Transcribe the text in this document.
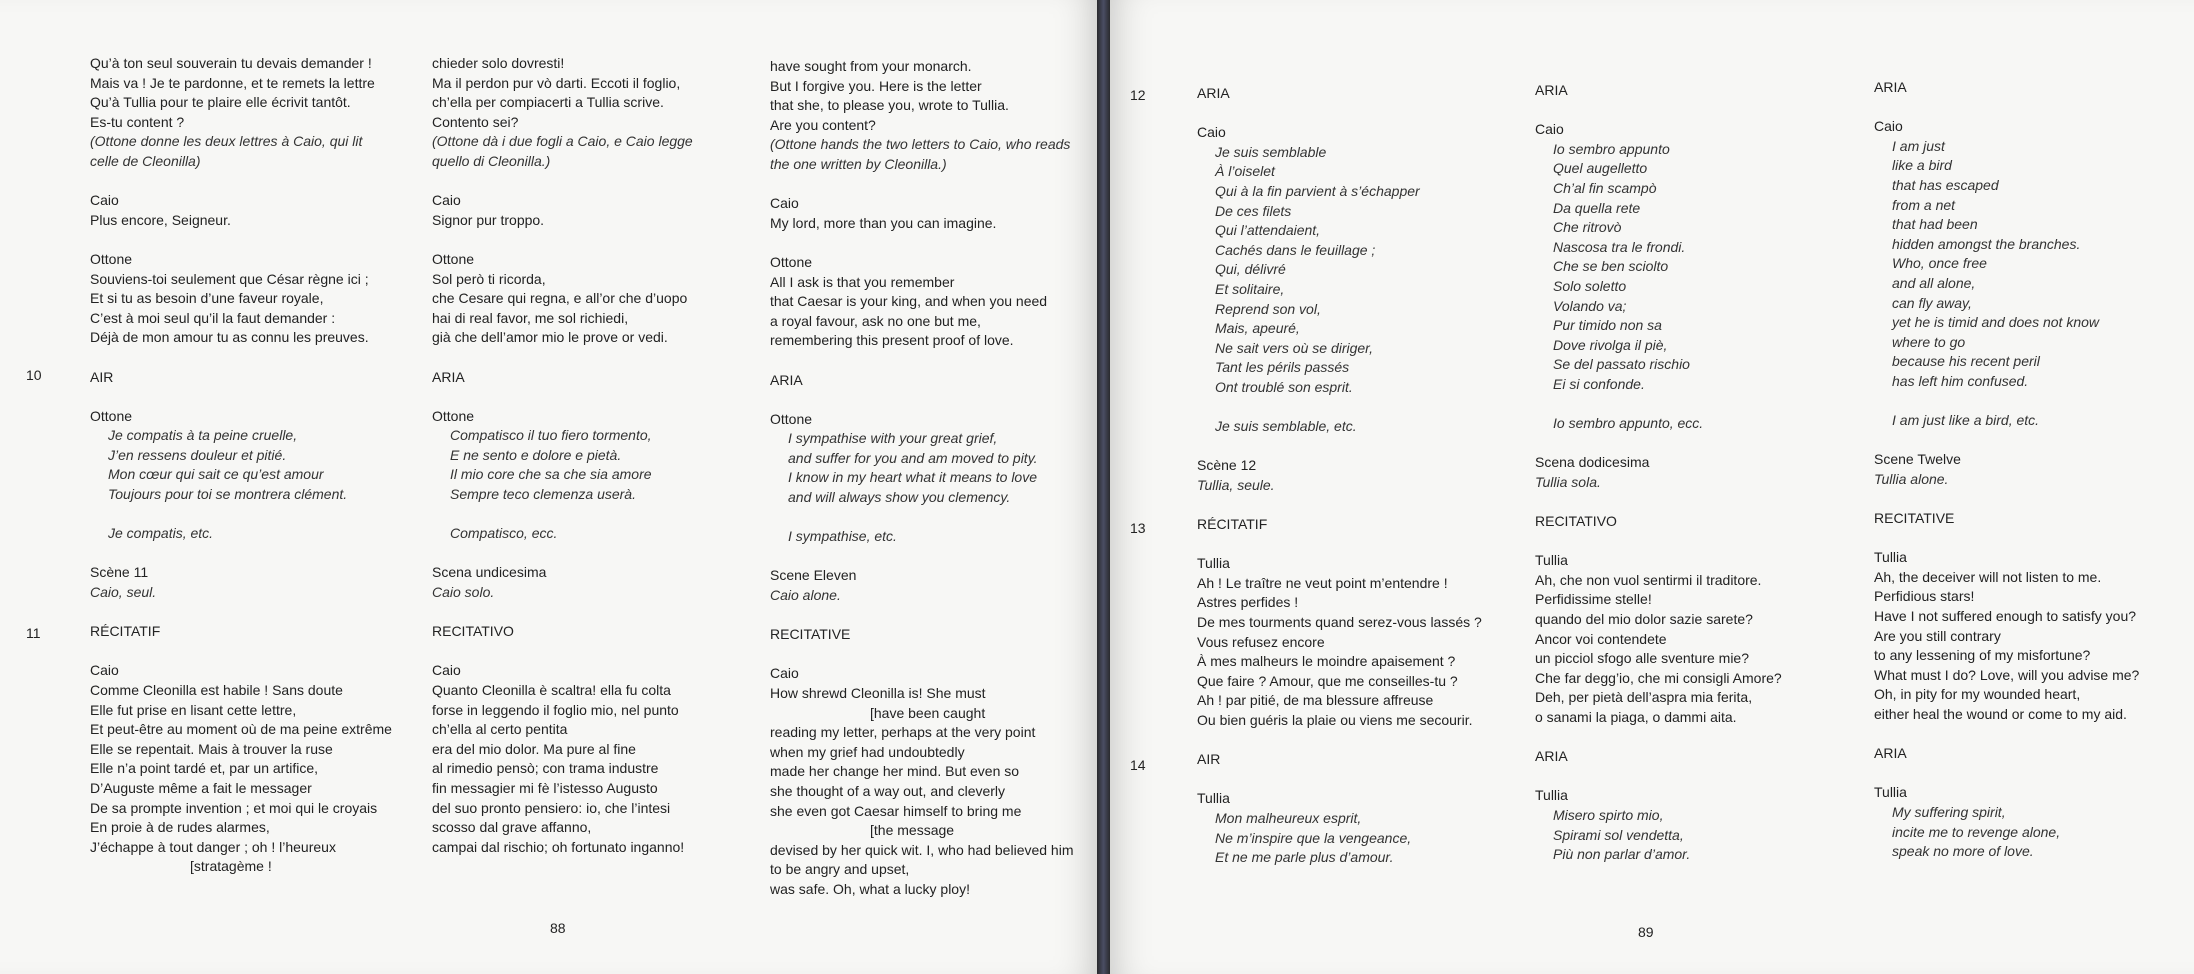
Qu’à ton seul souverain tu devais demander !
Mais va ! Je te pardonne, et te remets la lettre
Qu’à Tullia pour te plaire elle écrivit tantôt.
Es-tu content ?
(Ottone donne les deux lettres à Caio, qui lit
celle de Cleonilla)
Caio
Plus encore, Seigneur.
Ottone
Souviens-toi seulement que César règne ici ;
Et si tu as besoin d’une faveur royale,
C’est à moi seul qu’il la faut demander :
Déjà de mon amour tu as connu les preuves.
AIR
Ottone
Je compatis à ta peine cruelle,
J’en ressens douleur et pitié.
Mon cœur qui sait ce qu’est amour
Toujours pour toi se montrera clément.
Je compatis, etc.
Scène 11
Caio, seul.
RÉCITATIF
Caio
Comme Cleonilla est habile ! Sans doute
Elle fut prise en lisant cette lettre,
Et peut-être au moment où de ma peine extrême
Elle se repentait. Mais à trouver la ruse
Elle n’a point tardé et, par un artifice,
D’Auguste même a fait le messager
De sa prompte invention ; et moi qui le croyais
En proie à de rudes alarmes,
J’échappe à tout danger ; oh ! l’heureux
[stratagème !
chieder solo dovresti!
Ma il perdon pur vò darti. Eccoti il foglio,
ch’ella per compiacerti a Tullia scrive.
Contento sei?
(Ottone dà i due fogli a Caio, e Caio legge
quello di Cleonilla.)
Caio
Signor pur troppo.
Ottone
Sol però ti ricorda,
che Cesare qui regna, e all’or che d’uopo
hai di real favor, me sol richiedi,
già che dell’amor mio le prove or vedi.
ARIA
Ottone
Compatisco il tuo fiero tormento,
E ne sento e dolore e pietà.
Il mio core che sa che sia amore
Sempre teco clemenza userà.
Compatisco, ecc.
Scena undicesima
Caio solo.
RECITATIVO
Caio
Quanto Cleonilla è scaltra! ella fu colta
forse in leggendo il foglio mio, nel punto
ch’ella al certo pentita
era del mio dolor. Ma pure al fine
al rimedio pensò; con trama industre
fin messagier mi fè l’istesso Augusto
del suo pronto pensiero: io, che l’intesi
scosso dal grave affanno,
campai dal rischio; oh fortunato inganno!
have sought from your monarch.
But I forgive you. Here is the letter
that she, to please you, wrote to Tullia.
Are you content?
(Ottone hands the two letters to Caio, who reads
the one written by Cleonilla.)
Caio
My lord, more than you can imagine.
Ottone
All I ask is that you remember
that Caesar is your king, and when you need
a royal favour, ask no one but me,
remembering this present proof of love.
ARIA
Ottone
I sympathise with your great grief,
and suffer for you and am moved to pity.
I know in my heart what it means to love
and will always show you clemency.
I sympathise, etc.
Scene Eleven
Caio alone.
RECITATIVE
Caio
How shrewd Cleonilla is! She must
[have been caught
reading my letter, perhaps at the very point
when my grief had undoubtedly
made her change her mind. But even so
she thought of a way out, and cleverly
she even got Caesar himself to bring me
[the message
devised by her quick wit. I, who had believed him
to be angry and upset,
was safe. Oh, what a lucky ploy!
10
11
88
ARIA
Caio
Je suis semblable
À l’oiselet
Qui à la fin parvient à s’échapper
De ces filets
Qui l’attendaient,
Cachés dans le feuillage ;
Qui, délivré
Et solitaire,
Reprend son vol,
Mais, apeuré,
Ne sait vers où se diriger,
Tant les périls passés
Ont troublé son esprit.
Je suis semblable, etc.
Scène 12
Tullia, seule.
RÉCITATIF
Tullia
Ah ! Le traître ne veut point m’entendre !
Astres perfides !
De mes tourments quand serez-vous lassés ?
Vous refusez encore
À mes malheurs le moindre apaisement ?
Que faire ? Amour, que me conseilles-tu ?
Ah ! par pitié, de ma blessure affreuse
Ou bien guéris la plaie ou viens me secourir.
AIR
Tullia
Mon malheureux esprit,
Ne m’inspire que la vengeance,
Et ne me parle plus d’amour.
ARIA
Caio
Io sembro appunto
Quel augelletto
Ch’al fin scampò
Da quella rete
Che ritrovò
Nascosa tra le frondi.
Che se ben sciolto
Solo soletto
Volando va;
Pur timido non sa
Dove rivolga il piè,
Se del passato rischio
Ei si confonde.
Io sembro appunto, ecc.
Scena dodicesima
Tullia sola.
RECITATIVO
Tullia
Ah, che non vuol sentirmi il traditore.
Perfidissime stelle!
quando del mio dolor sazie sarete?
Ancor voi contendete
un picciol sfogo alle sventure mie?
Che far degg’io, che mi consigli Amore?
Deh, per pietà dell’aspra mia ferita,
o sanami la piaga, o dammi aita.
ARIA
Tullia
Misero spirto mio,
Spirami sol vendetta,
Più non parlar d’amor.
ARIA
Caio
I am just
like a bird
that has escaped
from a net
that had been
hidden amongst the branches.
Who, once free
and all alone,
can fly away,
yet he is timid and does not know
where to go
because his recent peril
has left him confused.
I am just like a bird, etc.
Scene Twelve
Tullia alone.
RECITATIVE
Tullia
Ah, the deceiver will not listen to me.
Perfidious stars!
Have I not suffered enough to satisfy you?
Are you still contrary
to any lessening of my misfortune?
What must I do? Love, will you advise me?
Oh, in pity for my wounded heart,
either heal the wound or come to my aid.
ARIA
Tullia
My suffering spirit,
incite me to revenge alone,
speak no more of love.
12
13
14
89
